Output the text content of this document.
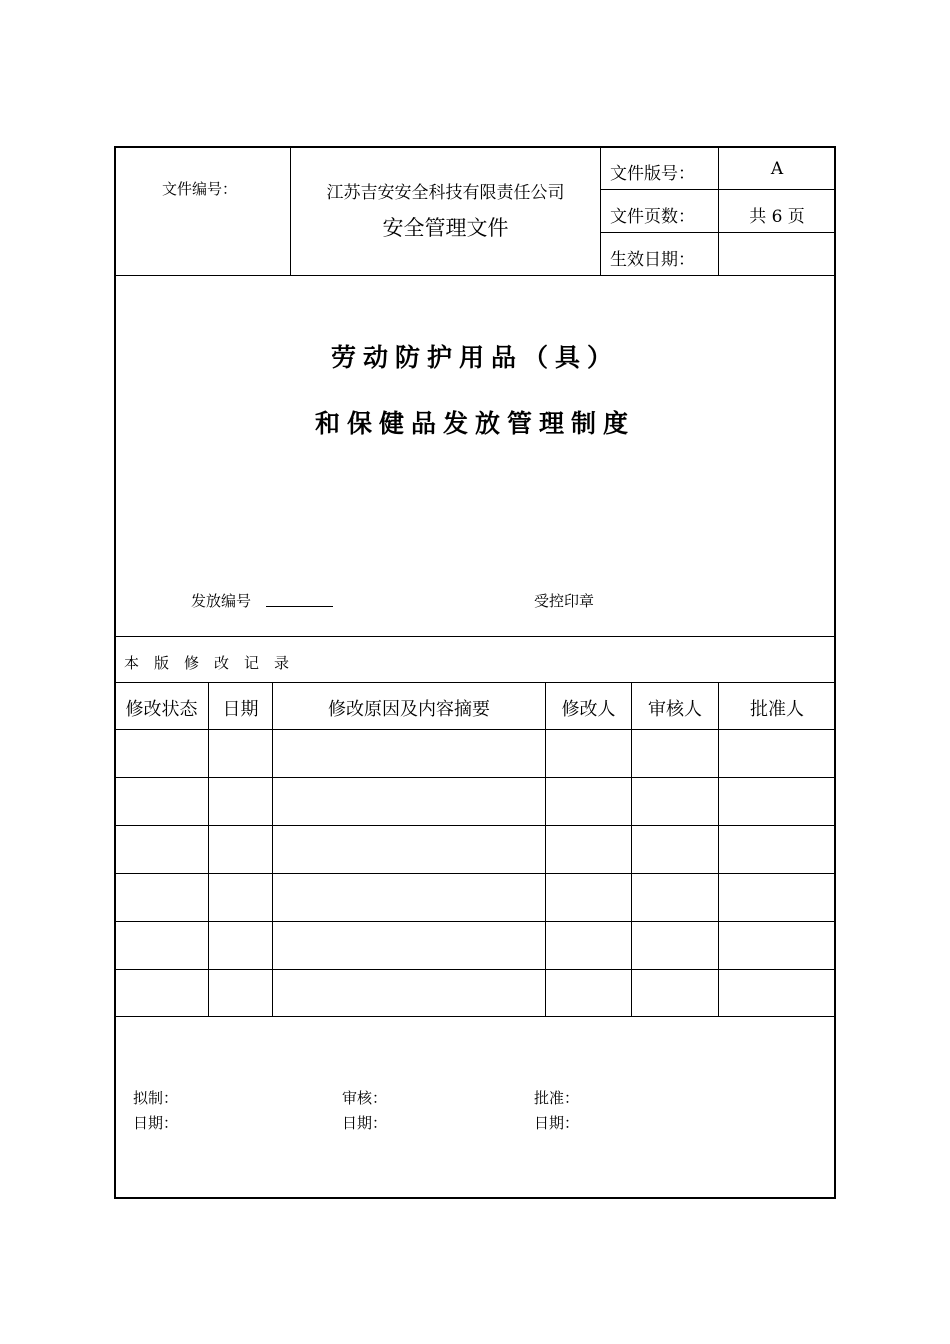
文件编号：	江苏吉安安全科技有限责任公司
安全管理文件
文件版号：	A
文件页数：	共 6 页
生效日期：
劳动防护用品（具）
和保健品发放管理制度
发放编号	受控印章
本　版　修　改　记　录
修改状态	日期	修改原因及内容摘要	修改人	审核人	批准人
拟制：	审核：	批准：
日期：	日期：	日期：
